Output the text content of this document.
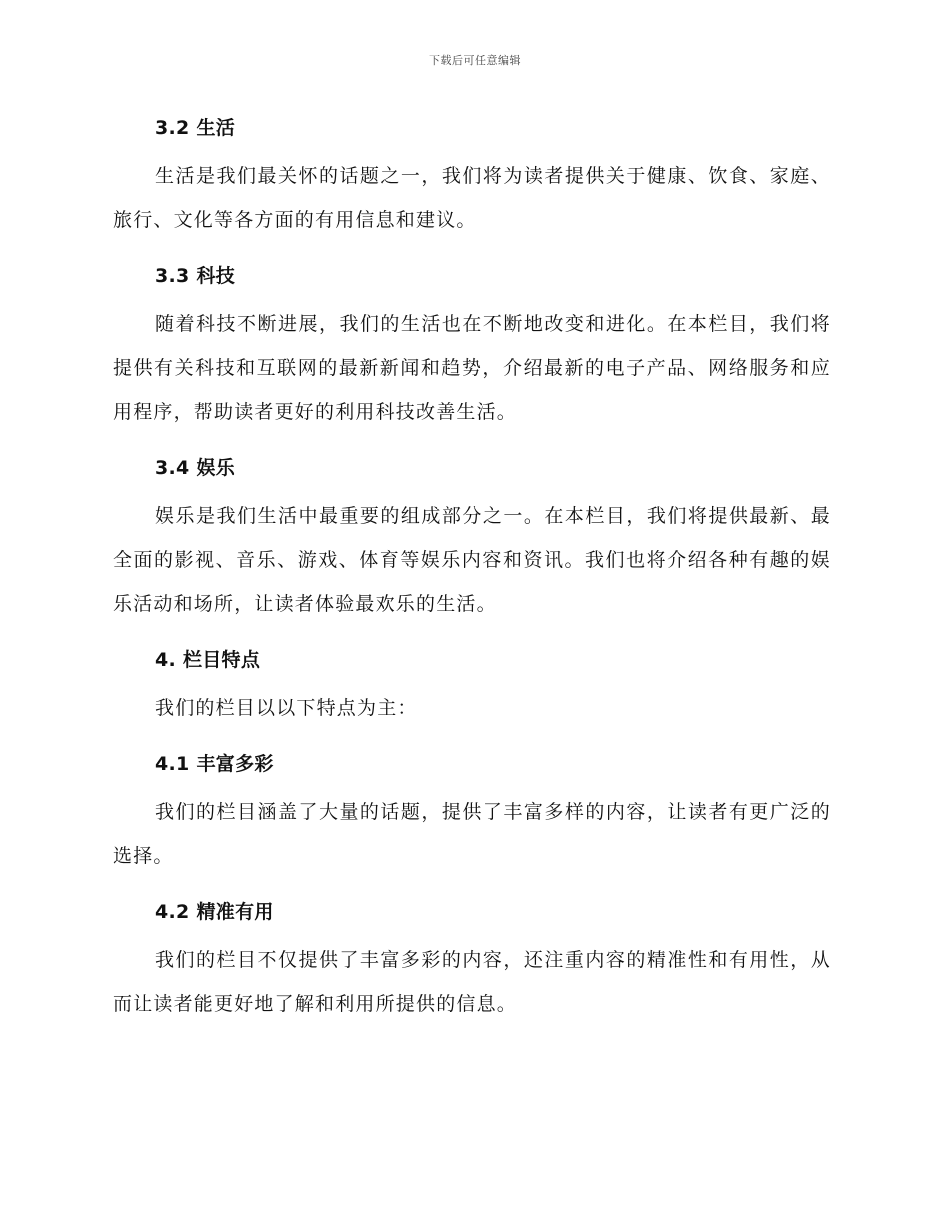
下载后可任意编辑
3.2 生活

生活是我们最关怀的话题之一，我们将为读者提供关于健康、饮食、家庭、旅行、文化等各方面的有用信息和建议。

3.3 科技

随着科技不断进展，我们的生活也在不断地改变和进化。在本栏目，我们将提供有关科技和互联网的最新新闻和趋势，介绍最新的电子产品、网络服务和应用程序，帮助读者更好的利用科技改善生活。

3.4 娱乐

娱乐是我们生活中最重要的组成部分之一。在本栏目，我们将提供最新、最全面的影视、音乐、游戏、体育等娱乐内容和资讯。我们也将介绍各种有趣的娱乐活动和场所，让读者体验最欢乐的生活。

4. 栏目特点

我们的栏目以以下特点为主：

4.1 丰富多彩

我们的栏目涵盖了大量的话题，提供了丰富多样的内容，让读者有更广泛的选择。

4.2 精准有用

我们的栏目不仅提供了丰富多彩的内容，还注重内容的精准性和有用性，从而让读者能更好地了解和利用所提供的信息。
